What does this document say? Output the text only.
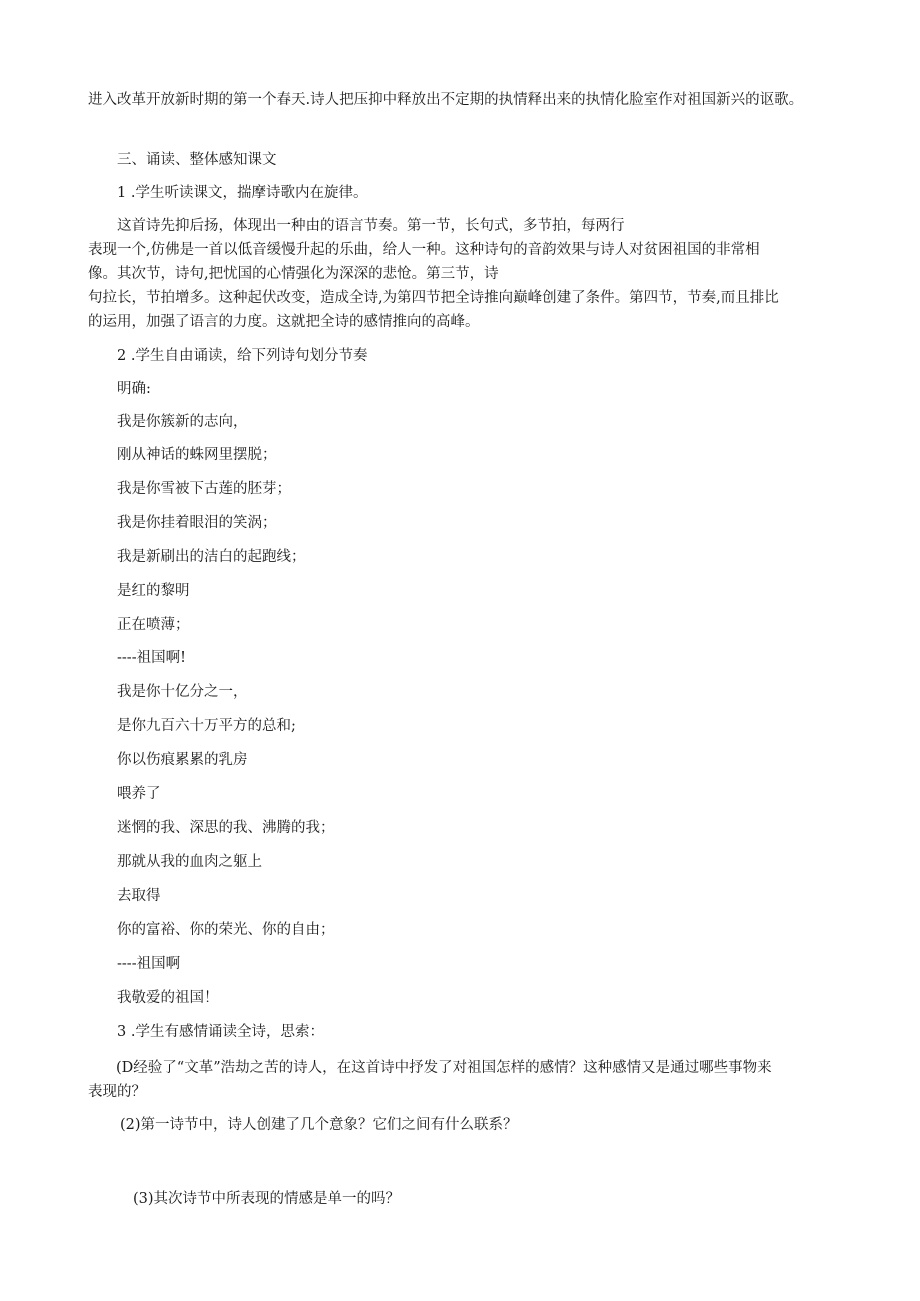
进入改革开放新时期的第一个春天.诗人把压抑中释放出不定期的执情释出来的执情化脸室作对祖国新兴的讴歌。

三、诵读、整体感知课文

1 .学生听读课文，揣摩诗歌内在旋律。

这首诗先抑后扬，体现出一种由的语言节奏。第一节，长句式，多节拍，每两行

表现一个,仿佛是一首以低音缓慢升起的乐曲，给人一种。这种诗句的音韵效果与诗人对贫困祖国的非常相

像。其次节，诗句,把忧国的心情强化为深深的悲怆。第三节，诗

句拉长，节拍增多。这种起伏改变，造成全诗,为第四节把全诗推向巅峰创建了条件。第四节，节奏,而且排比

的运用，加强了语言的力度。这就把全诗的感情推向的高峰。

2 .学生自由诵读，给下列诗句划分节奏

明确:

我是你簇新的志向，

刚从神话的蛛网里摆脱；

我是你雪被下古莲的胚芽；

我是你挂着眼泪的笑涡；

我是新刷出的洁白的起跑线；

是红的黎明

正在喷薄；

----祖国啊!

我是你十亿分之一，

是你九百六十万平方的总和;

你以伤痕累累的乳房

喂养了

迷惘的我、深思的我、沸腾的我；

那就从我的血肉之躯上

去取得

你的富裕、你的荣光、你的自由；

----祖国啊

我敬爱的祖国！

3 .学生有感情诵读全诗，思索：

(D经验了“文革”浩劫之苦的诗人，在这首诗中抒发了对祖国怎样的感情？这种感情又是通过哪些事物来

表现的？

(2)第一诗节中，诗人创建了几个意象？它们之间有什么联系？

(3)其次诗节中所表现的情感是单一的吗？
